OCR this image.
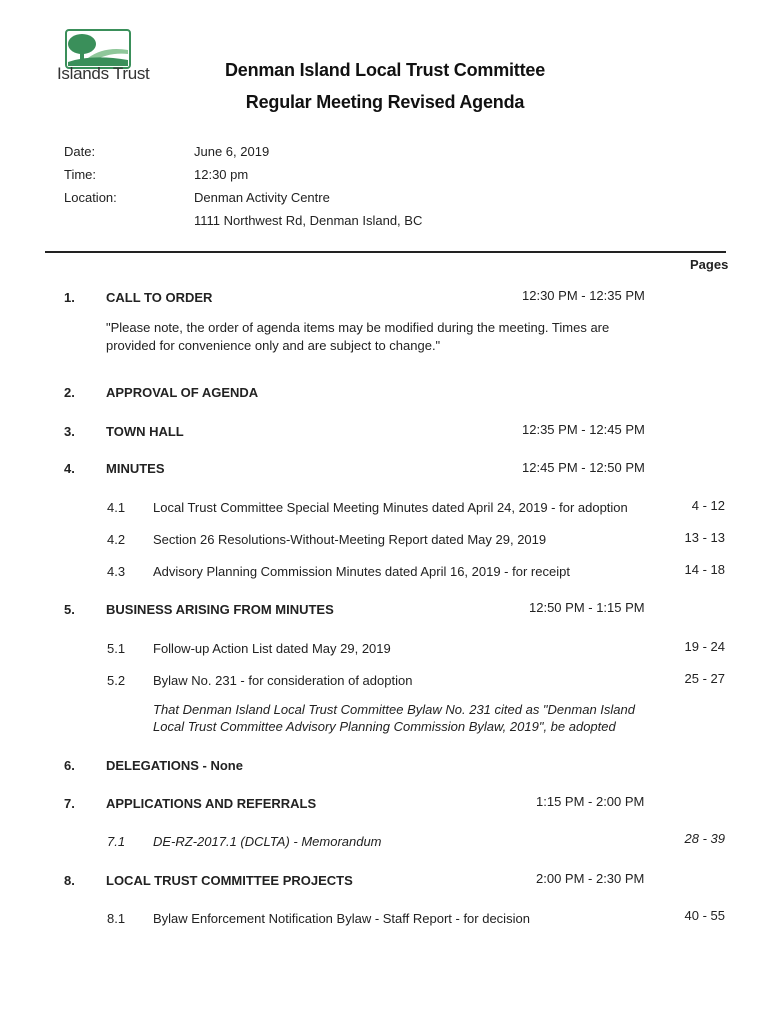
Islands Trust	Denman Island Local Trust Committee
Regular Meeting Revised Agenda
Date:	June 6, 2019
Time:	12:30 pm
Location:	Denman Activity Centre
1111 Northwest Rd, Denman Island, BC
Pages
1. CALL TO ORDER	12:30 PM - 12:35 PM
"Please note, the order of agenda items may be modified during the meeting. Times are provided for convenience only and are subject to change."
2. APPROVAL OF AGENDA
3. TOWN HALL	12:35 PM - 12:45 PM
4. MINUTES	12:45 PM - 12:50 PM
4.1 Local Trust Committee Special Meeting Minutes dated April 24, 2019 - for adoption	4 - 12
4.2 Section 26 Resolutions-Without-Meeting Report dated May 29, 2019	13 - 13
4.3 Advisory Planning Commission Minutes dated April 16, 2019 - for receipt	14 - 18
5. BUSINESS ARISING FROM MINUTES	12:50 PM - 1:15 PM
5.1 Follow-up Action List dated May 29, 2019	19 - 24
5.2 Bylaw No. 231 - for consideration of adoption	25 - 27
That Denman Island Local Trust Committee Bylaw No. 231 cited as "Denman Island Local Trust Committee Advisory Planning Commission Bylaw, 2019", be adopted
6. DELEGATIONS - None
7. APPLICATIONS AND REFERRALS	1:15 PM - 2:00 PM
7.1 DE-RZ-2017.1 (DCLTA) - Memorandum	28 - 39
8. LOCAL TRUST COMMITTEE PROJECTS	2:00 PM - 2:30 PM
8.1 Bylaw Enforcement Notification Bylaw - Staff Report - for decision	40 - 55
